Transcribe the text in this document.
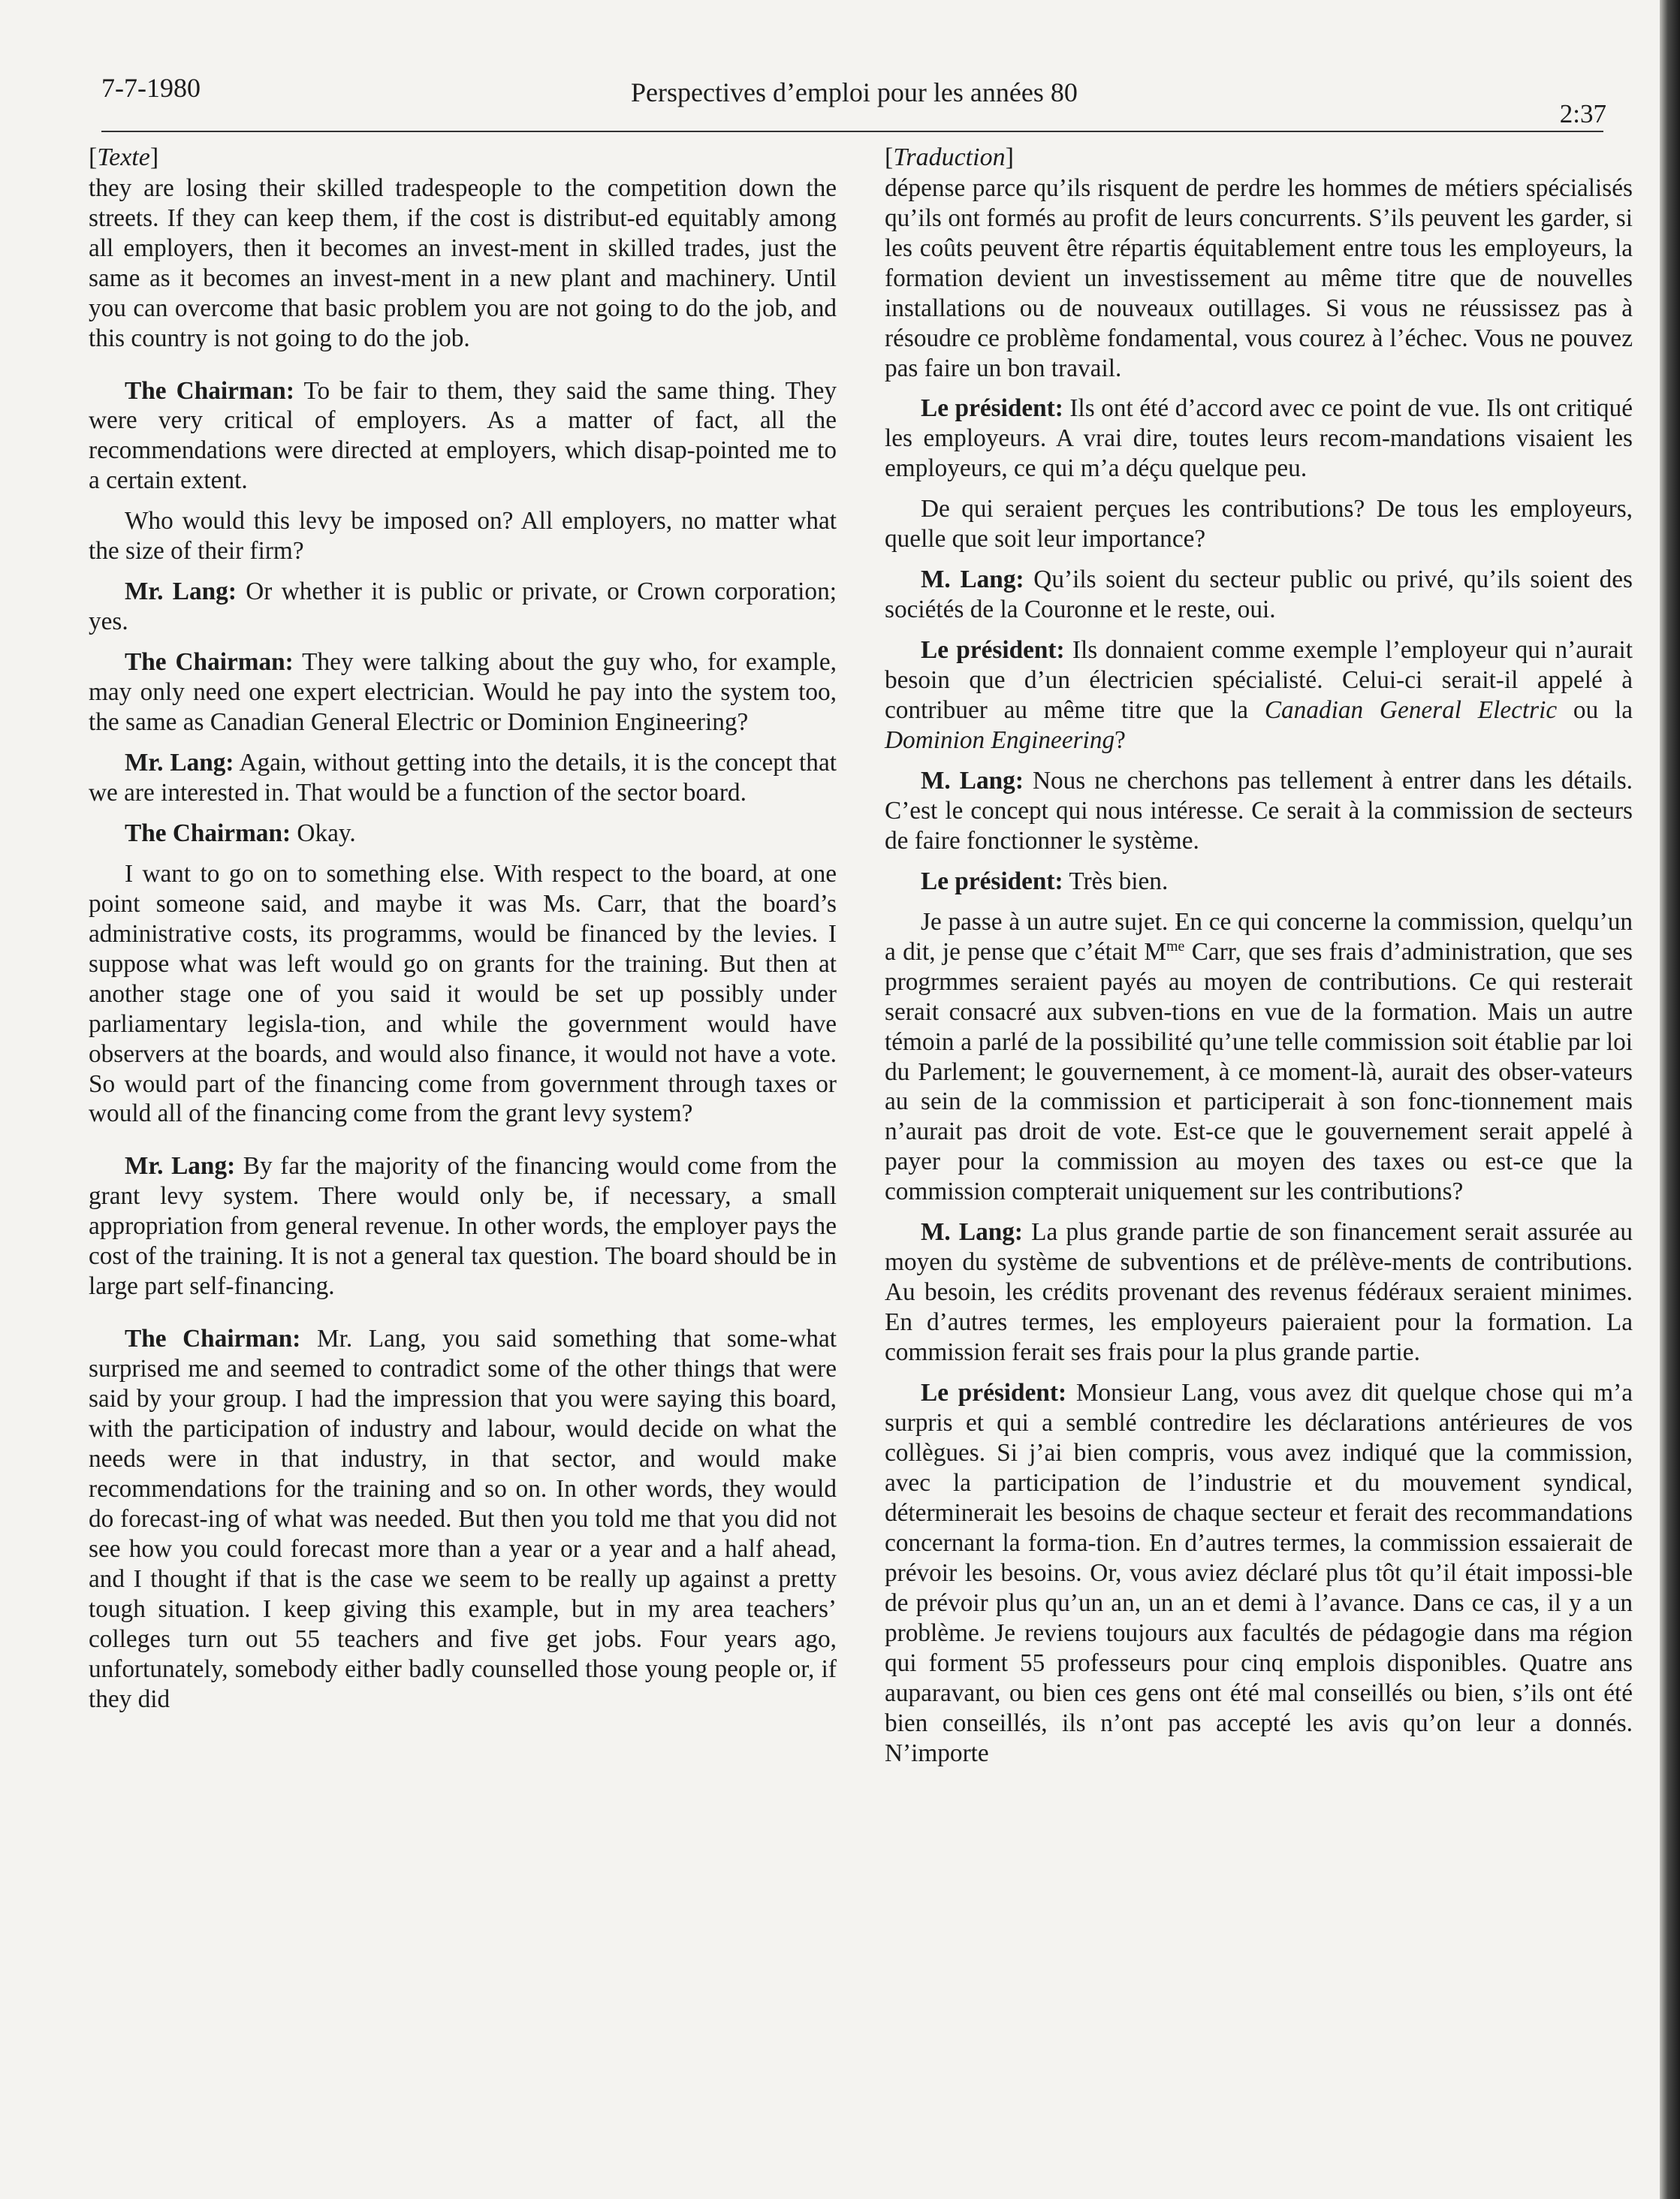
7-7-1980	Perspectives d’emploi pour les années 80
2:37

[Texte]

they are losing their skilled tradespeople to the competition down the streets. If they can keep them, if the cost is distribut-ed equitably among all employers, then it becomes an invest-ment in skilled trades, just the same as it becomes an invest-ment in a new plant and machinery. Until you can overcome that basic problem you are not going to do the job, and this country is not going to do the job.

The Chairman: To be fair to them, they said the same thing. They were very critical of employers. As a matter of fact, all the recommendations were directed at employers, which disap-pointed me to a certain extent.

Who would this levy be imposed on? All employers, no matter what the size of their firm?

Mr. Lang: Or whether it is public or private, or Crown corporation; yes.

The Chairman: They were talking about the guy who, for example, may only need one expert electrician. Would he pay into the system too, the same as Canadian General Electric or Dominion Engineering?

Mr. Lang: Again, without getting into the details, it is the concept that we are interested in. That would be a function of the sector board.

The Chairman: Okay.

I want to go on to something else. With respect to the board, at one point someone said, and maybe it was Ms. Carr, that the board’s administrative costs, its programms, would be financed by the levies. I suppose what was left would go on grants for the training. But then at another stage one of you said it would be set up possibly under parliamentary legisla-tion, and while the government would have observers at the boards, and would also finance, it would not have a vote. So would part of the financing come from government through taxes or would all of the financing come from the grant levy system?

Mr. Lang: By far the majority of the financing would come from the grant levy system. There would only be, if necessary, a small appropriation from general revenue. In other words, the employer pays the cost of the training. It is not a general tax question. The board should be in large part self-financing.

The Chairman: Mr. Lang, you said something that some-what surprised me and seemed to contradict some of the other things that were said by your group. I had the impression that you were saying this board, with the participation of industry and labour, would decide on what the needs were in that industry, in that sector, and would make recommendations for the training and so on. In other words, they would do forecast-ing of what was needed. But then you told me that you did not see how you could forecast more than a year or a year and a half ahead, and I thought if that is the case we seem to be really up against a pretty tough situation. I keep giving this example, but in my area teachers’ colleges turn out 55 teachers and five get jobs. Four years ago, unfortunately, somebody either badly counselled those young people or, if they did

[Traduction]

dépense parce qu’ils risquent de perdre les hommes de métiers spécialisés qu’ils ont formés au profit de leurs concurrents. S’ils peuvent les garder, si les coûts peuvent être répartis équitablement entre tous les employeurs, la formation devient un investissement au même titre que de nouvelles installations ou de nouveaux outillages. Si vous ne réussissez pas à résoudre ce problème fondamental, vous courez à l’échec. Vous ne pouvez pas faire un bon travail.

Le président: Ils ont été d’accord avec ce point de vue. Ils ont critiqué les employeurs. A vrai dire, toutes leurs recom-mandations visaient les employeurs, ce qui m’a déçu quelque peu.

De qui seraient perçues les contributions? De tous les employeurs, quelle que soit leur importance?

M. Lang: Qu’ils soient du secteur public ou privé, qu’ils soient des sociétés de la Couronne et le reste, oui.

Le président: Ils donnaient comme exemple l’employeur qui n’aurait besoin que d’un électricien spécialisté. Celui-ci serait-il appelé à contribuer au même titre que la Canadian General Electric ou la Dominion Engineering?

M. Lang: Nous ne cherchons pas tellement à entrer dans les détails. C’est le concept qui nous intéresse. Ce serait à la commission de secteurs de faire fonctionner le système.

Le président: Très bien.

Je passe à un autre sujet. En ce qui concerne la commission, quelqu’un a dit, je pense que c’était $M^{me}$ Carr, que ses frais d’administration, que ses progrmmes seraient payés au moyen de contributions. Ce qui resterait serait consacré aux subven-tions en vue de la formation. Mais un autre témoin a parlé de la possibilité qu’une telle commission soit établie par loi du Parlement; le gouvernement, à ce moment-là, aurait des obser-vateurs au sein de la commission et participerait à son fonc-tionnement mais n’aurait pas droit de vote. Est-ce que le gouvernement serait appelé à payer pour la commission au moyen des taxes ou est-ce que la commission compterait uniquement sur les contributions?

M. Lang: La plus grande partie de son financement serait assurée au moyen du système de subventions et de prélève-ments de contributions. Au besoin, les crédits provenant des revenus fédéraux seraient minimes. En d’autres termes, les employeurs paieraient pour la formation. La commission ferait ses frais pour la plus grande partie.

Le président: Monsieur Lang, vous avez dit quelque chose qui m’a surpris et qui a semblé contredire les déclarations antérieures de vos collègues. Si j’ai bien compris, vous avez indiqué que la commission, avec la participation de l’industrie et du mouvement syndical, déterminerait les besoins de chaque secteur et ferait des recommandations concernant la forma-tion. En d’autres termes, la commission essaierait de prévoir les besoins. Or, vous aviez déclaré plus tôt qu’il était impossi-ble de prévoir plus qu’un an, un an et demi à l’avance. Dans ce cas, il y a un problème. Je reviens toujours aux facultés de pédagogie dans ma région qui forment 55 professeurs pour cinq emplois disponibles. Quatre ans auparavant, ou bien ces gens ont été mal conseillés ou bien, s’ils ont été bien conseillés, ils n’ont pas accepté les avis qu’on leur a donnés. N’importe
